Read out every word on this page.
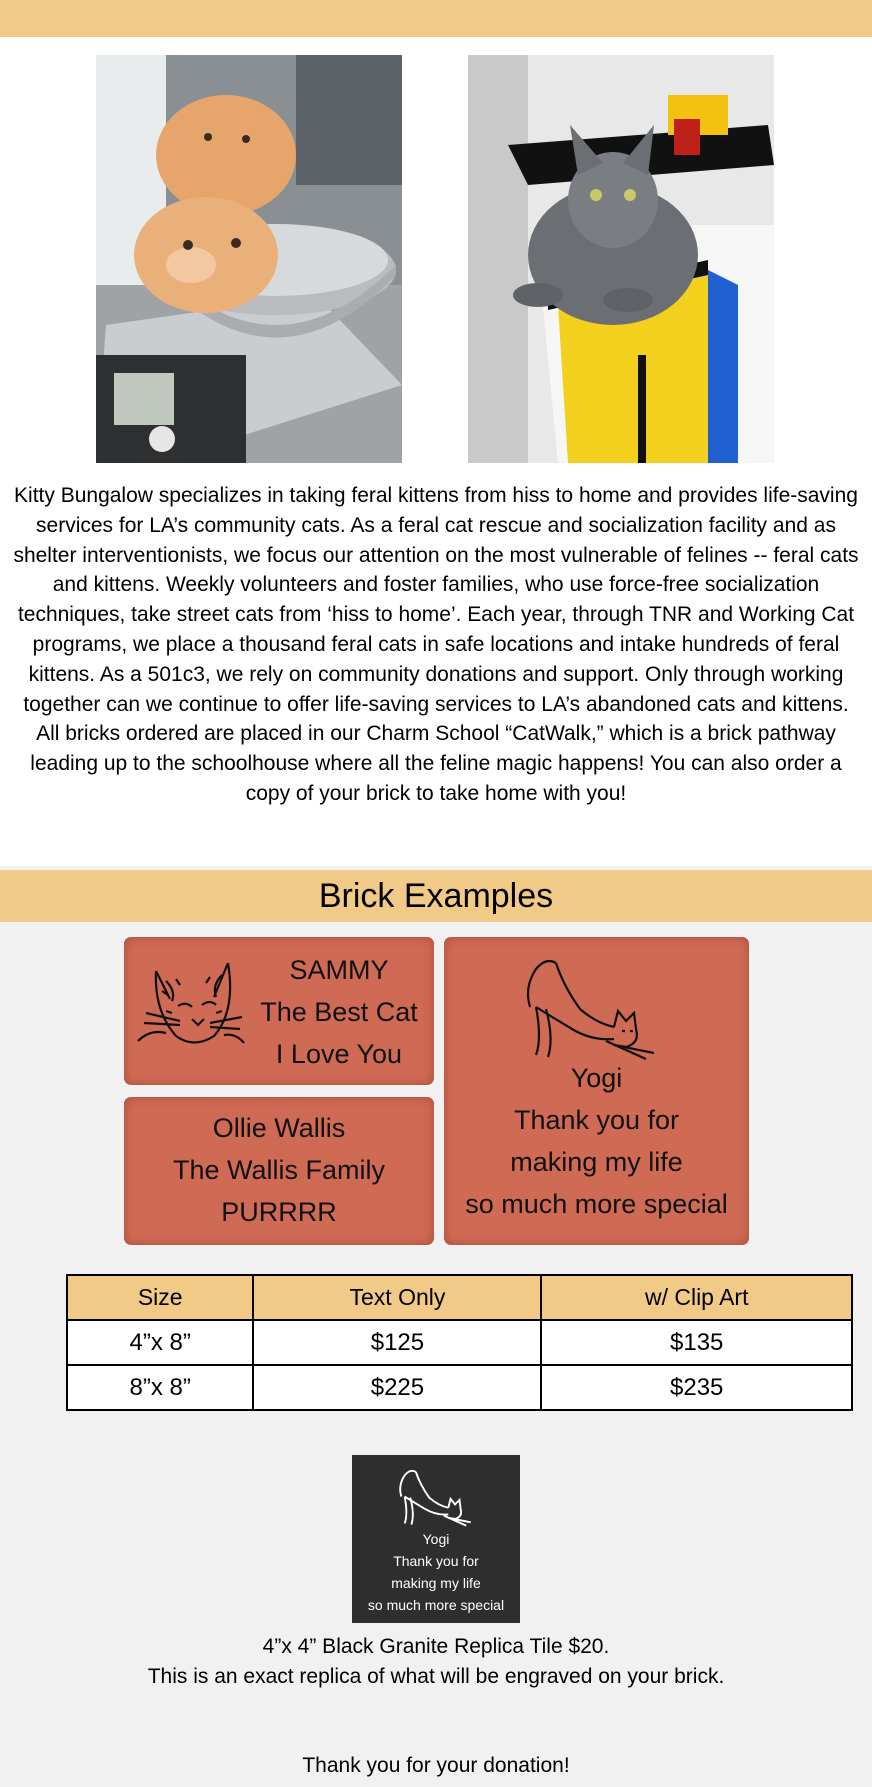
Kitty Bungalow specializes in taking feral kittens from hiss to home and provides life-saving services for LA’s community cats. As a feral cat rescue and socialization facility and as shelter interventionists, we focus our attention on the most vulnerable of felines -- feral cats and kittens. Weekly volunteers and foster families, who use force-free socialization techniques, take street cats from ‘hiss to home’. Each year, through TNR and Working Cat programs, we place a thousand feral cats in safe locations and intake hundreds of feral kittens. As a 501c3, we rely on community donations and support. Only through working together can we continue to offer life-saving services to LA’s abandoned cats and kittens. All bricks ordered are placed in our Charm School “CatWalk,” which is a brick pathway leading up to the schoolhouse where all the feline magic happens! You can also order a copy of your brick to take home with you!

Brick Examples
SAMMY
The Best Cat
I Love You
Ollie Wallis
The Wallis Family
PURRRR
Yogi
Thank you for
making my life
so much more special
Size	Text Only	w/ Clip Art
4”x 8”	$125	$135
8”x 8”	$225	$235
Yogi
Thank you for
making my life
so much more special
4”x 4” Black Granite Replica Tile $20.
This is an exact replica of what will be engraved on your brick.
Thank you for your donation!
